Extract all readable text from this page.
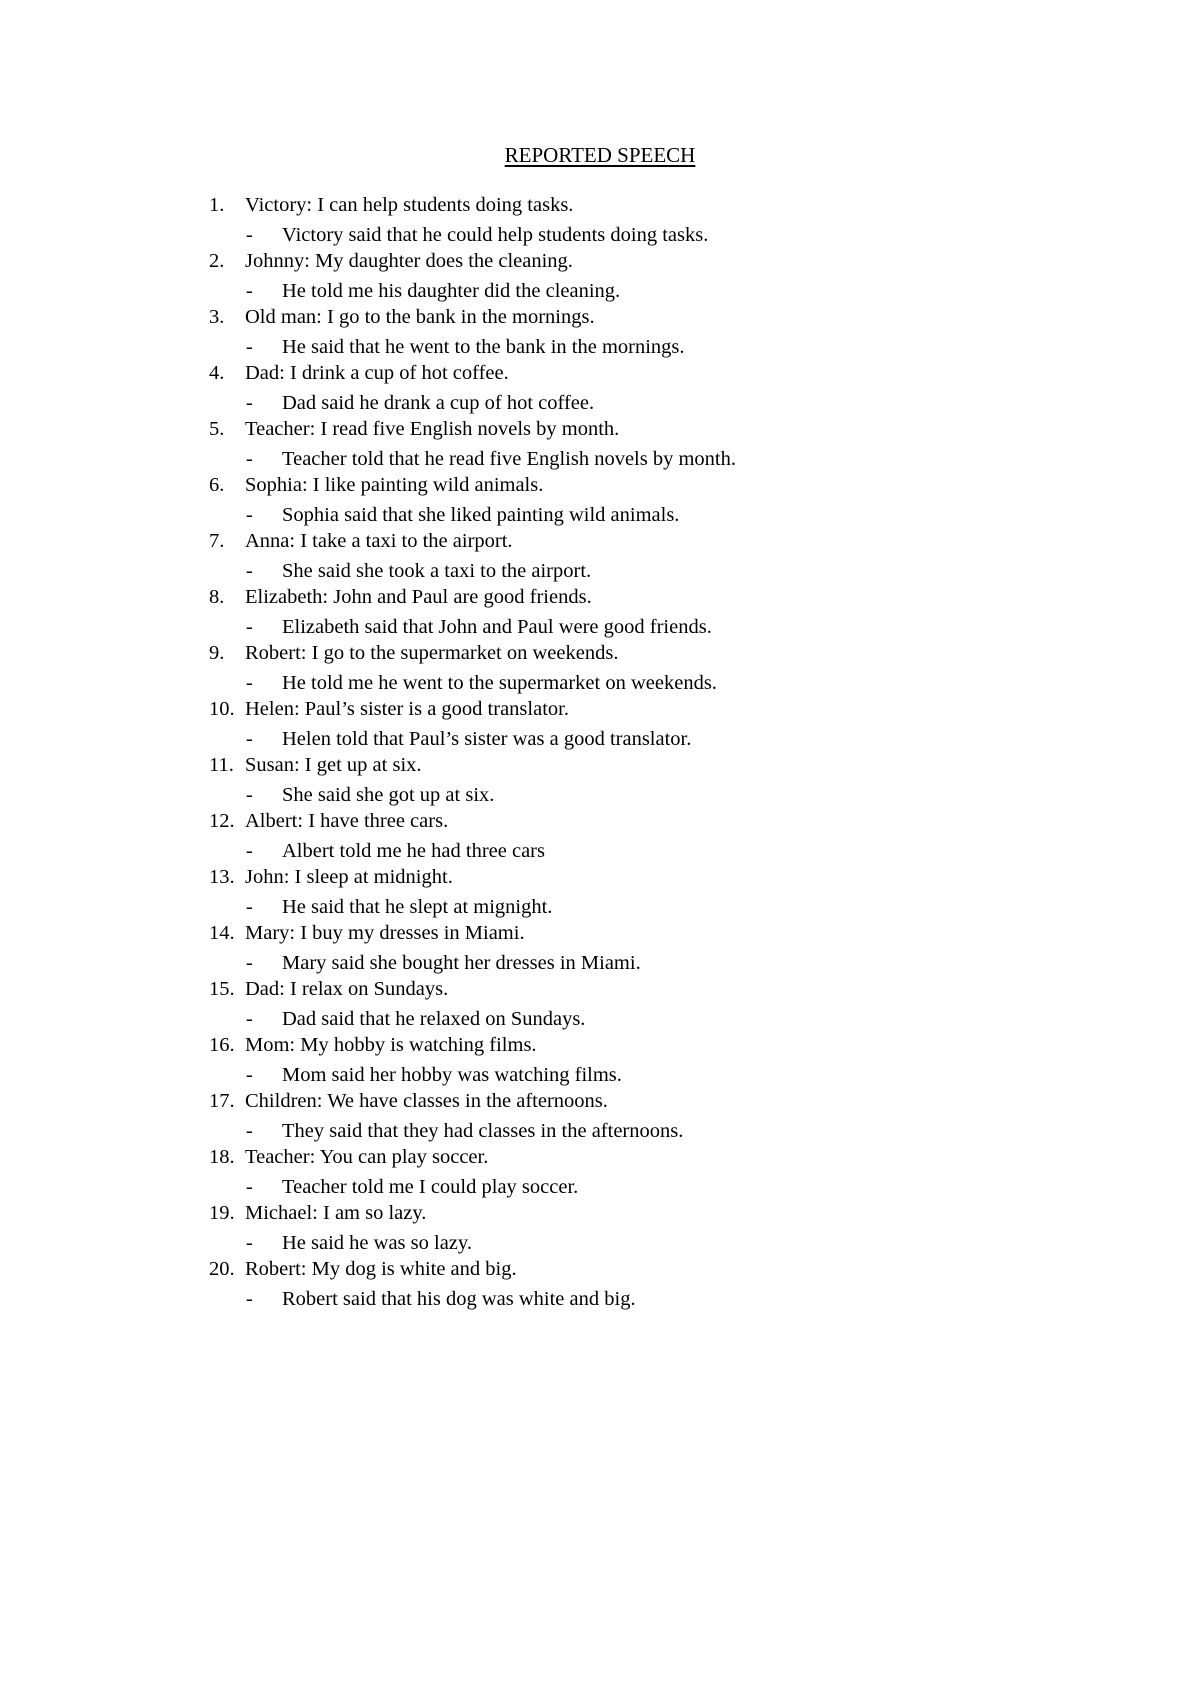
REPORTED SPEECH
1. Victory: I can help students doing tasks.
- Victory said that he could help students doing tasks.
2. Johnny: My daughter does the cleaning.
- He told me his daughter did the cleaning.
3. Old man: I go to the bank in the mornings.
- He said that he went to the bank in the mornings.
4. Dad: I drink a cup of hot coffee.
- Dad said he drank a cup of hot coffee.
5. Teacher: I read five English novels by month.
- Teacher told that he read five English novels by month.
6. Sophia: I like painting wild animals.
- Sophia said that she liked painting wild animals.
7. Anna: I take a taxi to the airport.
- She said she took a taxi to the airport.
8. Elizabeth: John and Paul are good friends.
- Elizabeth said that John and Paul were good friends.
9. Robert: I go to the supermarket on weekends.
- He told me he went to the supermarket on weekends.
10. Helen: Paul’s sister is a good translator.
- Helen told that Paul’s sister was a good translator.
11. Susan: I get up at six.
- She said she got up at six.
12. Albert: I have three cars.
- Albert told me he had three cars
13. John: I sleep at midnight.
- He said that he slept at mignight.
14. Mary: I buy my dresses in Miami.
- Mary said she bought her dresses in Miami.
15. Dad: I relax on Sundays.
- Dad said that he relaxed on Sundays.
16. Mom: My hobby is watching films.
- Mom said her hobby was watching films.
17. Children: We have classes in the afternoons.
- They said that they had classes in the afternoons.
18. Teacher: You can play soccer.
- Teacher told me I could play soccer.
19. Michael: I am so lazy.
- He said he was so lazy.
20. Robert: My dog is white and big.
- Robert said that his dog was white and big.
